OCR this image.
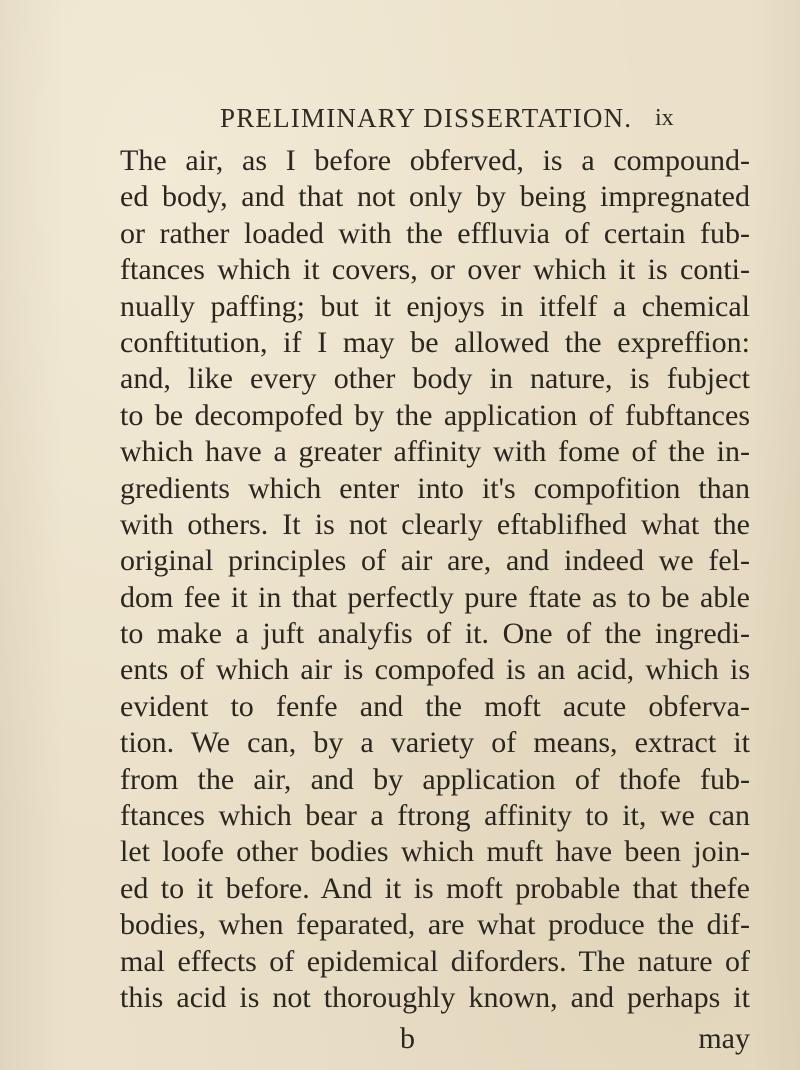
PRELIMINARY DISSERTATION. ix
The air, as I before obferved, is a compound-
ed body, and that not only by being impregnated
or rather loaded with the effluvia of certain fub-
ftances which it covers, or over which it is conti-
nually paffing; but it enjoys in itfelf a chemical
conftitution, if I may be allowed the expreffion:
and, like every other body in nature, is fubject
to be decompofed by the application of fubftances
which have a greater affinity with fome of the in-
gredients which enter into it's compofition than
with others. It is not clearly eftablifhed what the
original principles of air are, and indeed we fel-
dom fee it in that perfectly pure ftate as to be able
to make a juft analyfis of it. One of the ingredi-
ents of which air is compofed is an acid, which is
evident to fenfe and the moft acute obferva-
tion. We can, by a variety of means, extract it
from the air, and by application of thofe fub-
ftances which bear a ftrong affinity to it, we can
let loofe other bodies which muft have been join-
ed to it before. And it is moft probable that thefe
bodies, when feparated, are what produce the dif-
mal effects of epidemical diforders. The nature of
this acid is not thoroughly known, and perhaps it
b	may
